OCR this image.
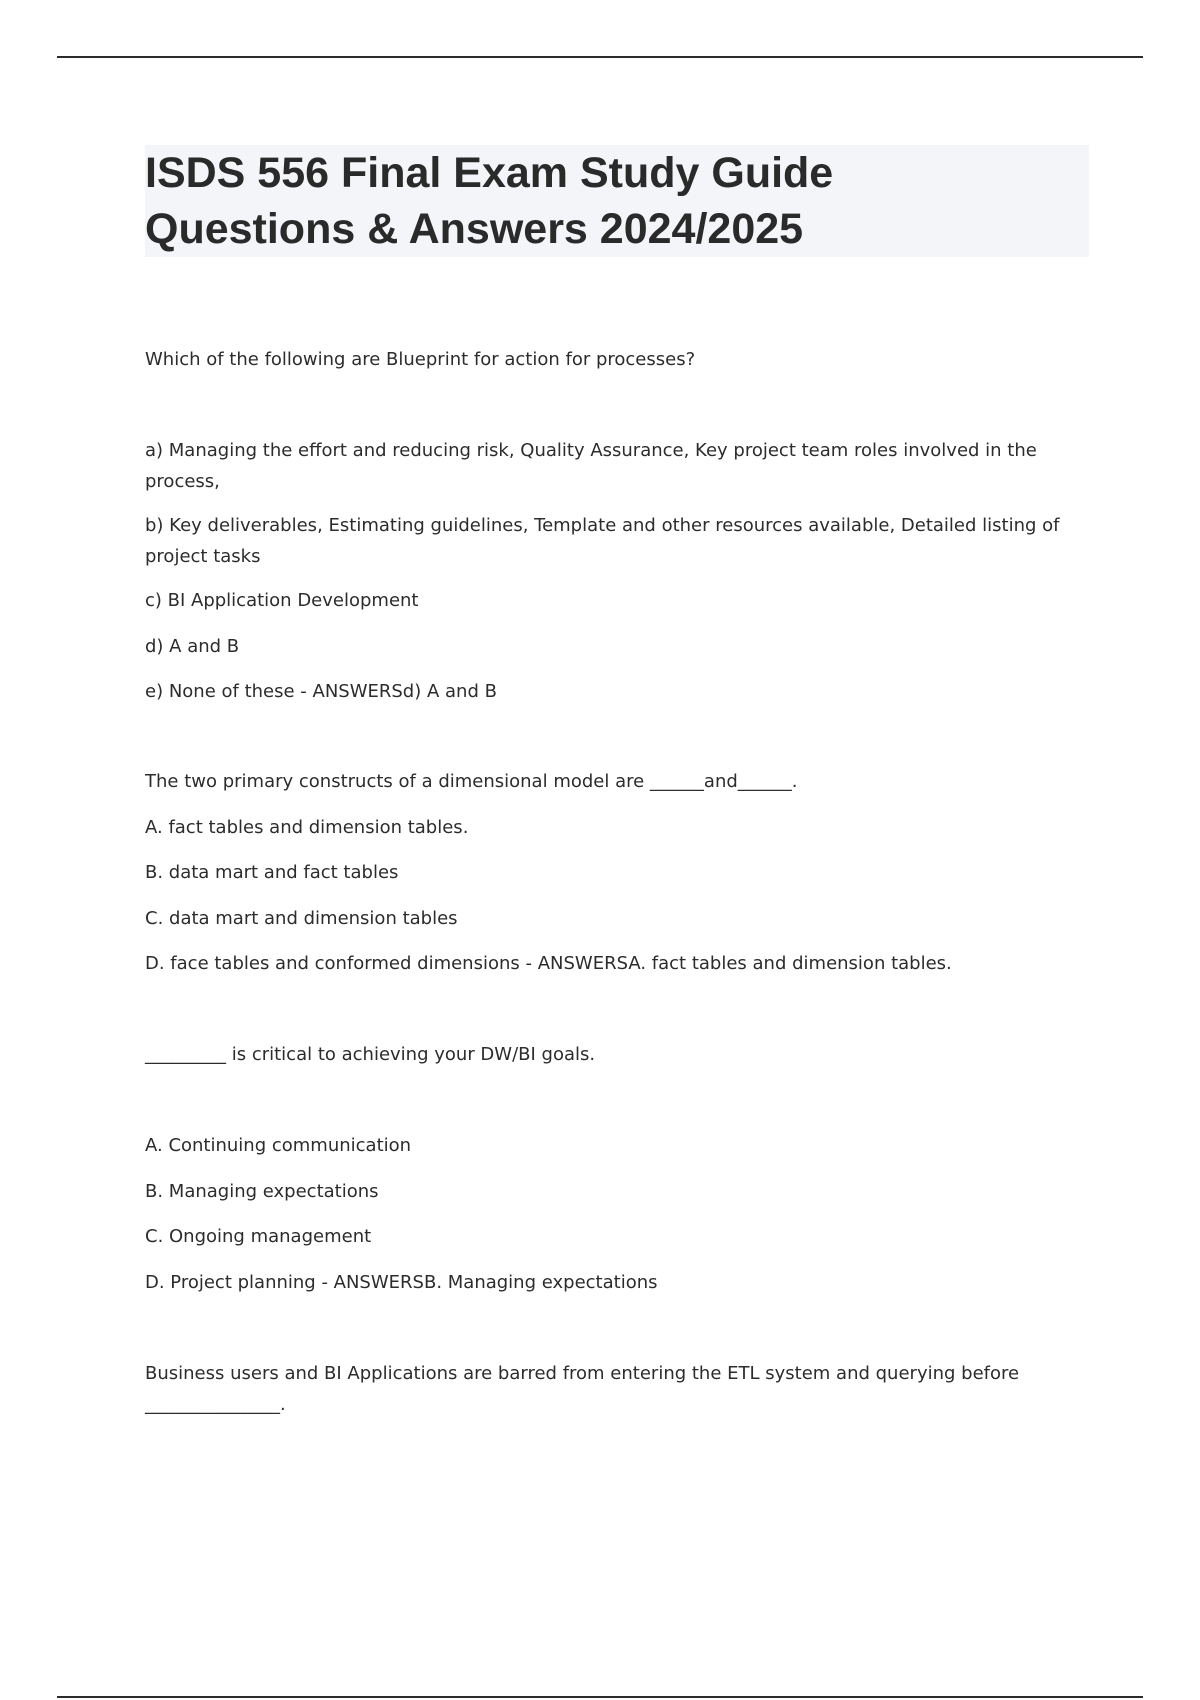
ISDS 556 Final Exam Study Guide
Questions & Answers 2024/2025

Which of the following are Blueprint for action for processes?

a) Managing the effort and reducing risk, Quality Assurance, Key project team roles involved in the process,

b) Key deliverables, Estimating guidelines, Template and other resources available, Detailed listing of project tasks

c) BI Application Development

d) A and B

e) None of these - ANSWERSd) A and B

The two primary constructs of a dimensional model are ______and______.

A. fact tables and dimension tables.

B. data mart and fact tables

C. data mart and dimension tables

D. face tables and conformed dimensions - ANSWERSA. fact tables and dimension tables.

_________ is critical to achieving your DW/BI goals.

A. Continuing communication

B. Managing expectations

C. Ongoing management

D. Project planning - ANSWERSB. Managing expectations

Business users and BI Applications are barred from entering the ETL system and querying before _______________.
